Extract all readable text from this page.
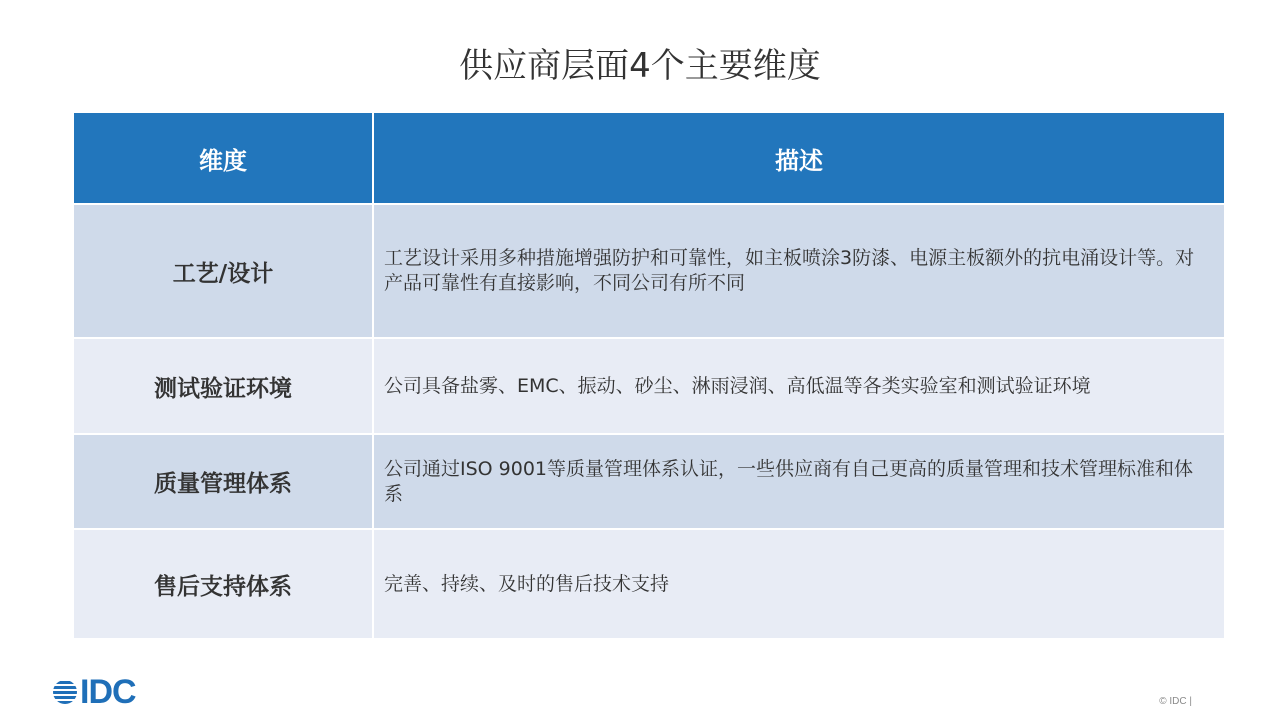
供应商层面4个主要维度
维度	描述
工艺/设计	工艺设计采用多种措施增强防护和可靠性，如主板喷涂3防漆、电源主板额外的抗电涌设计等。对产品可靠性有直接影响，不同公司有所不同
测试验证环境	公司具备盐雾、EMC、振动、砂尘、淋雨浸润、高低温等各类实验室和测试验证环境
质量管理体系	公司通过ISO 9001等质量管理体系认证，一些供应商有自己更高的质量管理和技术管理标准和体系
售后支持体系	完善、持续、及时的售后技术支持
IDC	© IDC |
